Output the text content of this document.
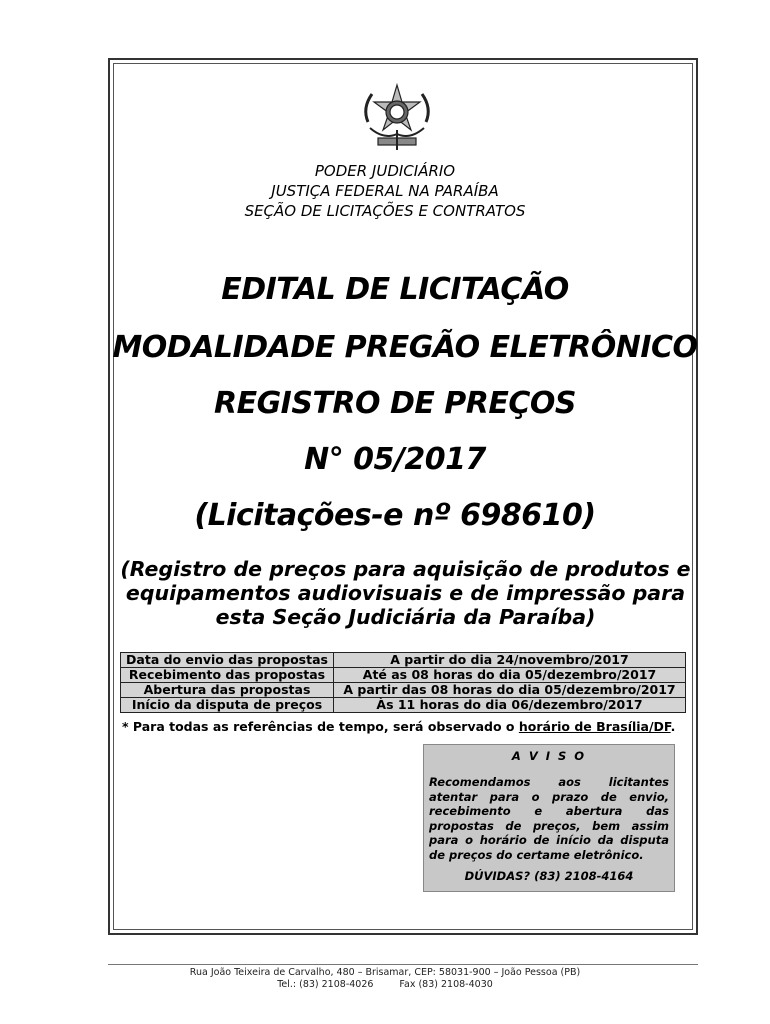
PODER JUDICIÁRIO
JUSTIÇA FEDERAL NA PARAÍBA
SEÇÃO DE LICITAÇÕES E CONTRATOS
EDITAL DE LICITAÇÃO
MODALIDADE PREGÃO ELETRÔNICO
REGISTRO DE PREÇOS
N° 05/2017
(Licitações-e nº 698610)
(Registro de preços para aquisição de produtos e
equipamentos audiovisuais e de impressão para
esta Seção Judiciária da Paraíba)
Data do envio das propostas	A partir do dia 24/novembro/2017
Recebimento das propostas	Até as 08 horas do dia 05/dezembro/2017
Abertura das propostas	A partir das 08 horas do dia 05/dezembro/2017
Início da disputa de preços	Às 11 horas do dia 06/dezembro/2017
* Para todas as referências de tempo, será observado o horário de Brasília/DF.
A V I S O
Recomendamos aos licitantes atentar para o prazo de envio, recebimento e abertura das propostas de preços, bem assim para o horário de início da disputa de preços do certame eletrônico.
DÚVIDAS? (83) 2108-4164
Rua João Teixeira de Carvalho, 480 – Brisamar, CEP: 58031-900 – João Pessoa (PB)
Tel.: (83) 2108-4026	Fax (83) 2108-4030
